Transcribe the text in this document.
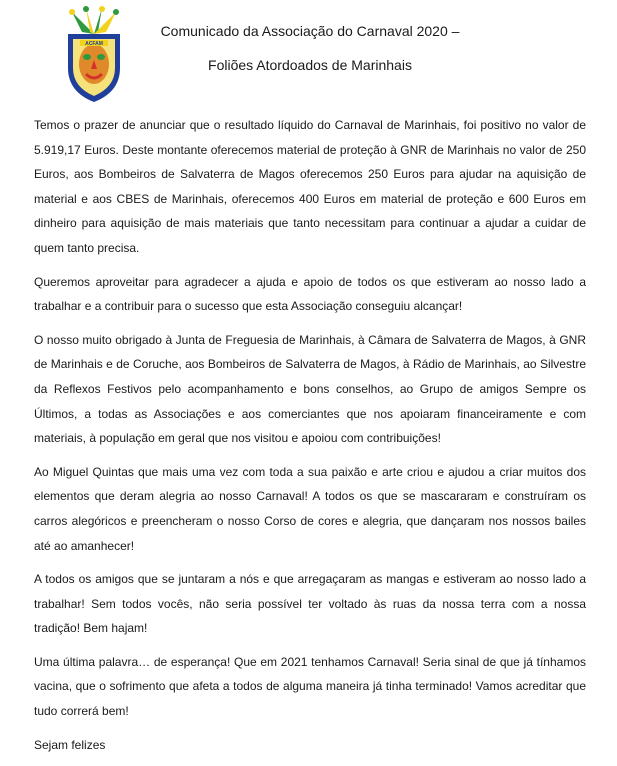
ACFAM
Comunicado da Associação do Carnaval 2020 –
Foliões Atordoados de Marinhais

Temos o prazer de anunciar que o resultado líquido do Carnaval de Marinhais, foi positivo no valor de 5.919,17 Euros. Deste montante oferecemos material de proteção à GNR de Marinhais no valor de 250 Euros, aos Bombeiros de Salvaterra de Magos oferecemos 250 Euros para ajudar na aquisição de material e aos CBES de Marinhais, oferecemos 400 Euros em material de proteção e 600 Euros em dinheiro para aquisição de mais materiais que tanto necessitam para continuar a ajudar a cuidar de quem tanto precisa.

Queremos aproveitar para agradecer a ajuda e apoio de todos os que estiveram ao nosso lado a trabalhar e a contribuir para o sucesso que esta Associação conseguiu alcançar!

O nosso muito obrigado à Junta de Freguesia de Marinhais, à Câmara de Salvaterra de Magos, à GNR de Marinhais e de Coruche, aos Bombeiros de Salvaterra de Magos, à Rádio de Marinhais, ao Silvestre da Reflexos Festivos pelo acompanhamento e bons conselhos, ao Grupo de amigos Sempre os Últimos, a todas as Associações e aos comerciantes que nos apoiaram financeiramente e com materiais, à população em geral que nos visitou e apoiou com contribuições!

Ao Miguel Quintas que mais uma vez com toda a sua paixão e arte criou e ajudou a criar muitos dos elementos que deram alegria ao nosso Carnaval! A todos os que se mascararam e construíram os carros alegóricos e preencheram o nosso Corso de cores e alegria, que dançaram nos nossos bailes até ao amanhecer!

A todos os amigos que se juntaram a nós e que arregaçaram as mangas e estiveram ao nosso lado a trabalhar! Sem todos vocês, não seria possível ter voltado às ruas da nossa terra com a nossa tradição! Bem hajam!

Uma última palavra… de esperança! Que em 2021 tenhamos Carnaval! Seria sinal de que já tínhamos vacina, que o sofrimento que afeta a todos de alguma maneira já tinha terminado! Vamos acreditar que tudo correrá bem!

Sejam felizes
